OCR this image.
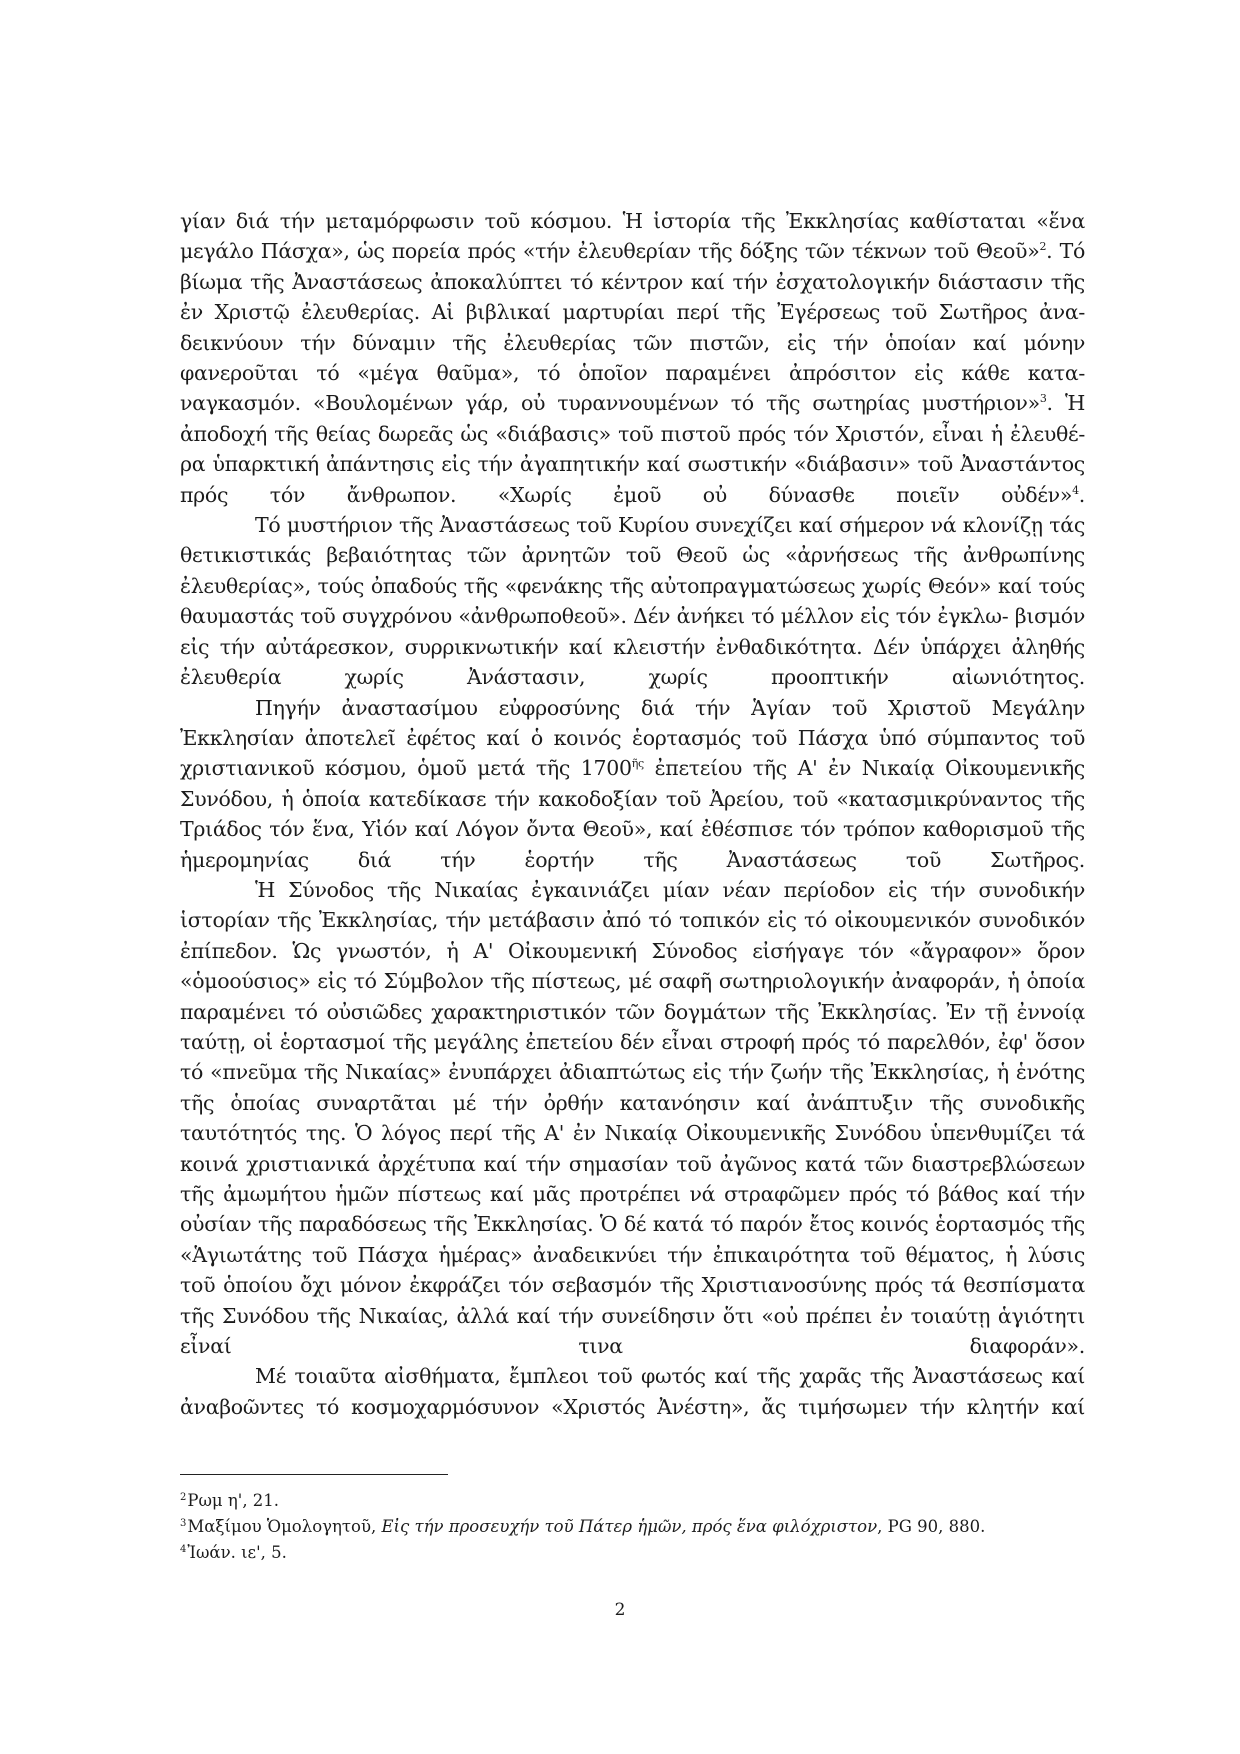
γίαν διά τήν μεταμόρφωσιν τοῦ κόσμου. Ἡ ἱστορία τῆς Ἐκκλησίας καθίσταται «ἕνα μεγάλο Πάσχα», ὡς πορεία πρός «τήν ἐλευθερίαν τῆς δόξης τῶν τέκνων τοῦ Θεοῦ»$^2$. Τό βίωμα τῆς Ἀναστάσεως ἀποκαλύπτει τό κέντρον καί τήν ἐσχατολογικήν διάστασιν τῆς ἐν Χριστῷ ἐλευθερίας. Αἱ βιβλικαί μαρτυρίαι περί τῆς Ἐγέρσεως τοῦ Σωτῆρος ἀνα- δεικνύουν τήν δύναμιν τῆς ἐλευθερίας τῶν πιστῶν, εἰς τήν ὁποίαν καί μόνην φανεροῦται τό «μέγα θαῦμα», τό ὁποῖον παραμένει ἀπρόσιτον εἰς κάθε κατα- ναγκασμόν. «Βουλομένων γάρ, οὐ τυραννουμένων τό τῆς σωτηρίας μυστήριον»$^3$. Ἡ ἀποδοχή τῆς θείας δωρεᾶς ὡς «διάβασις» τοῦ πιστοῦ πρός τόν Χριστόν, εἶναι ἡ ἐλευθέ- ρα ὑπαρκτική ἀπάντησις εἰς τήν ἀγαπητικήν καί σωστικήν «διάβασιν» τοῦ Ἀναστάντος πρός τόν ἄνθρωπον. «Χωρίς ἐμοῦ οὐ δύνασθε ποιεῖν οὐδέν»$^4$.

Τό μυστήριον τῆς Ἀναστάσεως τοῦ Κυρίου συνεχίζει καί σήμερον νά κλονίζῃ τάς θετικιστικάς βεβαιότητας τῶν ἀρνητῶν τοῦ Θεοῦ ὡς «ἀρνήσεως τῆς ἀνθρωπίνης ἐλευθερίας», τούς ὀπαδούς τῆς «φενάκης τῆς αὐτοπραγματώσεως χωρίς Θεόν» καί τούς θαυμαστάς τοῦ συγχρόνου «ἀνθρωποθεοῦ». Δέν ἀνήκει τό μέλλον εἰς τόν ἐγκλω- βισμόν εἰς τήν αὐτάρεσκον, συρρικνωτικήν καί κλειστήν ἐνθαδικότητα. Δέν ὑπάρχει ἀληθής ἐλευθερία χωρίς Ἀνάστασιν, χωρίς προοπτικήν αἰωνιότητος.

Πηγήν ἀναστασίμου εὐφροσύνης διά τήν Ἁγίαν τοῦ Χριστοῦ Μεγάλην Ἐκκλησίαν ἀποτελεῖ ἐφέτος καί ὁ κοινός ἑορτασμός τοῦ Πάσχα ὑπό σύμπαντος τοῦ χριστιανικοῦ κόσμου, ὁμοῦ μετά τῆς $1700^{ῆ\varsigma}$ ἐπετείου τῆς Α' ἐν Νικαίᾳ Οἰκουμενικῆς Συνόδου, ἡ ὁποία κατεδίκασε τήν κακοδοξίαν τοῦ Ἀρείου, τοῦ «κατασμικρύναντος τῆς Τριάδος τόν ἕνα, Υἱόν καί Λόγον ὄντα Θεοῦ», καί ἐθέσπισε τόν τρόπον καθορισμοῦ τῆς ἡμερομηνίας διά τήν ἑορτήν τῆς Ἀναστάσεως τοῦ Σωτῆρος.

Ἡ Σύνοδος τῆς Νικαίας ἐγκαινιάζει μίαν νέαν περίοδον εἰς τήν συνοδικήν ἱστορίαν τῆς Ἐκκλησίας, τήν μετάβασιν ἀπό τό τοπικόν εἰς τό οἰκουμενικόν συνοδικόν ἐπίπεδον. Ὡς γνωστόν, ἡ Α' Οἰκουμενική Σύνοδος εἰσήγαγε τόν «ἄγραφον» ὅρον «ὁμοούσιος» εἰς τό Σύμβολον τῆς πίστεως, μέ σαφῆ σωτηριολογικήν ἀναφοράν, ἡ ὁποία παραμένει τό οὐσιῶδες χαρακτηριστικόν τῶν δογμάτων τῆς Ἐκκλησίας. Ἐν τῇ ἐννοίᾳ ταύτῃ, οἱ ἑορτασμοί τῆς μεγάλης ἐπετείου δέν εἶναι στροφή πρός τό παρελθόν, ἐφ' ὅσον τό «πνεῦμα τῆς Νικαίας» ἐνυπάρχει ἀδιαπτώτως εἰς τήν ζωήν τῆς Ἐκκλησίας, ἡ ἑνότης τῆς ὁποίας συναρτᾶται μέ τήν ὀρθήν κατανόησιν καί ἀνάπτυξιν τῆς συνοδικῆς ταυτότητός της. Ὁ λόγος περί τῆς Α' ἐν Νικαίᾳ Οἰκουμενικῆς Συνόδου ὑπενθυμίζει τά κοινά χριστιανικά ἀρχέτυπα καί τήν σημασίαν τοῦ ἀγῶνος κατά τῶν διαστρεβλώσεων τῆς ἀμωμήτου ἡμῶν πίστεως καί μᾶς προτρέπει νά στραφῶμεν πρός τό βάθος καί τήν οὐσίαν τῆς παραδόσεως τῆς Ἐκκλησίας. Ὁ δέ κατά τό παρόν ἔτος κοινός ἑορτασμός τῆς «Ἁγιωτάτης τοῦ Πάσχα ἡμέρας» ἀναδεικνύει τήν ἐπικαιρότητα τοῦ θέματος, ἡ λύσις τοῦ ὁποίου ὄχι μόνον ἐκφράζει τόν σεβασμόν τῆς Χριστιανοσύνης πρός τά θεσπίσματα τῆς Συνόδου τῆς Νικαίας, ἀλλά καί τήν συνείδησιν ὅτι «οὐ πρέπει ἐν τοιαύτῃ ἁγιότητι εἶναί τινα διαφοράν».

Μέ τοιαῦτα αἰσθήματα, ἔμπλεοι τοῦ φωτός καί τῆς χαρᾶς τῆς Ἀναστάσεως καί ἀναβοῶντες τό κοσμοχαρμόσυνον «Χριστός Ἀνέστη», ἄς τιμήσωμεν τήν κλητήν καί

$^2$Ρωμ η', 21.
$^3$Μαξίμου Ὁμολογητοῦ, Εἰς τήν προσευχήν τοῦ Πάτερ ἡμῶν, πρός ἕνα φιλόχριστον, PG 90, 880.
$^4$Ἰωάν. ιε', 5.
2
